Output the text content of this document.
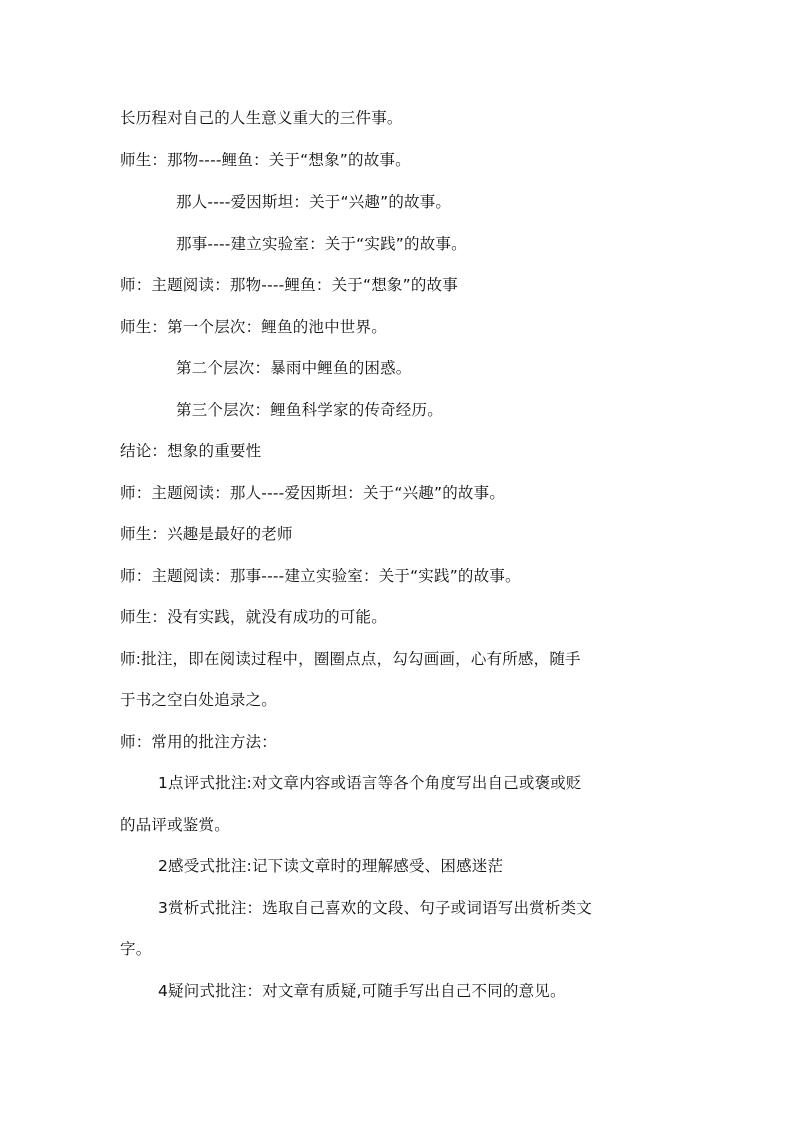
长历程对自己的人生意义重大的三件事。
师生：那物----鲤鱼：关于“想象”的故事。
那人----爱因斯坦：关于“兴趣”的故事。
那事----建立实验室：关于“实践”的故事。
师：主题阅读：那物----鲤鱼：关于“想象”的故事
师生：第一个层次：鲤鱼的池中世界。
第二个层次：暴雨中鲤鱼的困惑。
第三个层次：鲤鱼科学家的传奇经历。
结论：想象的重要性
师：主题阅读：那人----爱因斯坦：关于“兴趣”的故事。
师生：兴趣是最好的老师
师：主题阅读：那事----建立实验室：关于“实践”的故事。
师生：没有实践，就没有成功的可能。
师:批注，即在阅读过程中，圈圈点点，勾勾画画，心有所感，随手
于书之空白处追录之。
师：常用的批注方法：
1点评式批注:对文章内容或语言等各个角度写出自己或褒或贬
的品评或鉴赏。
2感受式批注:记下读文章时的理解感受、困感迷茫
3赏析式批注：选取自己喜欢的文段、句子或词语写出赏析类文
字。
4疑问式批注：对文章有质疑,可随手写出自己不同的意见。
